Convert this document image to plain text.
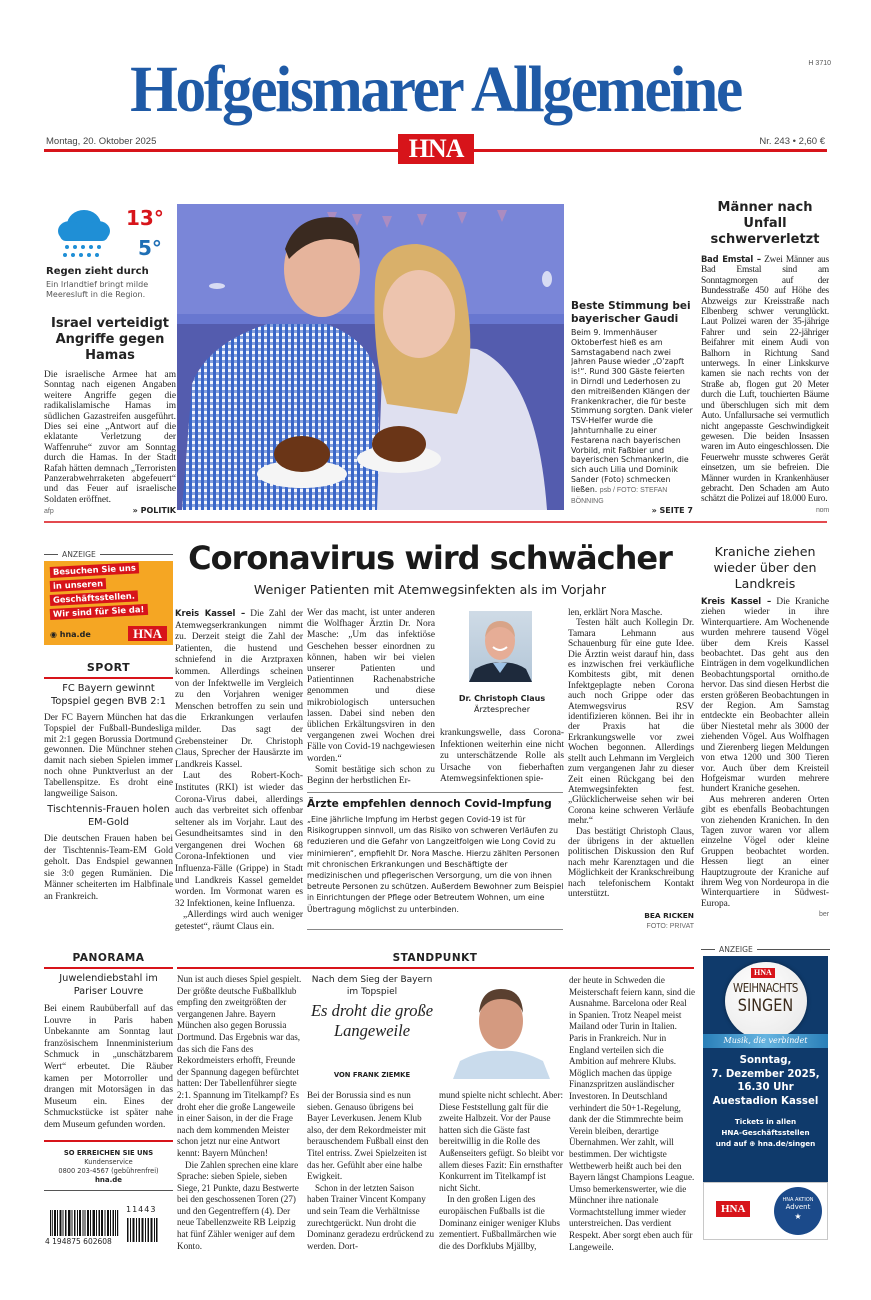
Hofgeismarer Allgemeine	H 3710
Montag, 20. Oktober 2025	Nr. 243 • 2,60 €
HNA
13°
5°
Regen zieht durch
Ein Irlandtief bringt milde Meeresluft in die Region.
Israel verteidigt Angriffe gegen Hamas

Die israelische Armee hat am Sonntag nach eigenen Angaben weitere Angriffe gegen die radikalislamische Hamas im südlichen Gazastreifen ausgeführt. Dies sei eine „Antwort auf die eklatante Verletzung der Waffenruhe“ zuvor am Sonntag durch die Hamas. In der Stadt Rafah hätten demnach „Terroristen Panzerabwehrraketen abgefeuert“ und das Feuer auf israelische Soldaten eröffnet.

afp	» POLITIK
Beste Stimmung bei bayerischer Gaudi

Beim 9. Immenhäuser Oktoberfest hieß es am Samstagabend nach zwei Jahren Pause wieder „O’zapft is!“. Rund 300 Gäste feierten in Dirndl und Lederhosen zu den mitreißenden Klängen der Frankenkracher, die für beste Stimmung sorgten. Dank vieler TSV-Helfer wurde die Jahnturnhalle zu einer Festarena nach bayerischen Vorbild, mit Faßbier und bayerischen Schmankerln, die sich auch Lilia und Dominik Sander (Foto) schmecken ließen. psb / FOTO: STEFAN BÖNNING

» SEITE 7
Männer nach Unfall schwerverletzt

Bad Emstal – Zwei Männer aus Bad Emstal sind am Sonntagmorgen auf der Bundesstraße 450 auf Höhe des Abzweigs zur Kreisstraße nach Elbenberg schwer verunglückt. Laut Polizei waren der 35-jährige Fahrer und sein 22-jähriger Beifahrer mit einem Audi von Balhorn in Richtung Sand unterwegs. In einer Linkskurve kamen sie nach rechts von der Straße ab, flogen gut 20 Meter durch die Luft, touchierten Bäume und überschlugen sich mit dem Auto. Unfallursache sei vermutlich nicht angepasste Geschwindigkeit gewesen. Die beiden Insassen waren im Auto eingeschlossen. Die Feuerwehr musste schweres Gerät einsetzen, um sie befreien. Die Männer wurden in Krankenhäuser gebracht. Den Schaden am Auto schätzt die Polizei auf 18.000 Euro.

nom
ANZEIGE
Besuchen Sie uns
in unseren
Geschäftsstellen.
Wir sind für Sie da!
◉ hna.de	HNA
SPORT
FC Bayern gewinnt Topspiel gegen BVB 2:1

Der FC Bayern München hat das Topspiel der Fußball-Bundesliga mit 2:1 gegen Borussia Dortmund gewonnen. Die Münchner stehen damit nach sieben Spielen immer noch ohne Punktverlust an der Tabellenspitze. Es droht eine langweilige Saison.

Tischtennis-Frauen holen EM-Gold

Die deutschen Frauen haben bei der Tischtennis-Team-EM Gold geholt. Das Endspiel gewannen sie 3:0 gegen Rumänien. Die Männer scheiterten im Halbfinale an Frankreich.

Coronavirus wird schwächer
Weniger Patienten mit Atemwegsinfekten als im Vorjahr

Kreis Kassel – Die Zahl der Atemwegserkrankungen nimmt zu. Derzeit steigt die Zahl der Patienten, die hustend und schniefend in die Arztpraxen kommen. Allerdings scheinen von der Infektwelle im Vergleich zu den Vorjahren weniger Menschen betroffen zu sein und die Erkrankungen verlaufen milder. Das sagt der Grebensteiner Dr. Christoph Claus, Sprecher der Hausärzte im Landkreis Kassel.

Laut des Robert-Koch-Institutes (RKI) ist wieder das Corona-Virus dabei, allerdings auch das verbreitet sich offenbar seltener als im Vorjahr. Laut des Gesundheitsamtes sind in den vergangenen drei Wochen 68 Corona-Infektionen und vier Influenza-Fälle (Grippe) in Stadt und Landkreis Kassel gemeldet worden. Im Vormonat waren es 32 Infektionen, keine Influenza.

„Allerdings wird auch weniger getestet“, räumt Claus ein.

Wer das macht, ist unter anderen die Wolfhager Ärztin Dr. Nora Masche: „Um das infektiöse Geschehen besser einordnen zu können, haben wir bei vielen unserer Patienten und Patientinnen Rachenabstriche genommen und diese mikrobiologisch untersuchen lassen. Dabei sind neben den üblichen Erkältungsviren in den vergangenen zwei Wochen drei Fälle von Covid-19 nachgewiesen worden.“

Somit bestätige sich schon zu Beginn der herbstlichen Er-

Dr. Christoph Claus
Ärztesprecher

krankungswelle, dass Corona-Infektionen weiterhin eine nicht zu unterschätzende Rolle als Ursache von fieberhaften Atemwegsinfektionen spie-

Ärzte empfehlen dennoch Covid-Impfung

„Eine jährliche Impfung im Herbst gegen Covid-19 ist für Risikogruppen sinnvoll, um das Risiko von schweren Verläufen zu reduzieren und die Gefahr von Langzeitfolgen wie Long Covid zu minimieren“, empfiehlt Dr. Nora Masche. Hierzu zählten Personen mit chronischen Erkrankungen und Beschäftigte der medizinischen und pflegerischen Versorgung, um die von ihnen betreute Personen zu schützen. Außerdem Bewohner zum Beispiel in Einrichtungen der Pflege oder Betreutem Wohnen, um eine Übertragung möglichst zu unterbinden.

len, erklärt Nora Masche.

Testen hält auch Kollegin Dr. Tamara Lehmann aus Schauenburg für eine gute Idee. Die Ärztin weist darauf hin, dass es inzwischen frei verkäufliche Kombitests gibt, mit denen Infektgeplagte neben Corona auch noch Grippe oder das Atemwegsvirus RSV identifizieren können. Bei ihr in der Praxis hat die Erkrankungswelle vor zwei Wochen begonnen. Allerdings stellt auch Lehmann im Vergleich zum vergangenen Jahr zu dieser Zeit einen Rückgang bei den Atemwegsinfekten fest. „Glücklicherweise sehen wir bei Corona keine schweren Verläufe mehr.“

Das bestätigt Christoph Claus, der übrigens in der aktuellen politischen Diskussion den Ruf nach mehr Karenztagen und die Möglichkeit der Krankschreibung nach telefonischem Kontakt unterstützt.

BEA RICKEN
FOTO: PRIVAT
Kraniche ziehen wieder über den Landkreis

Kreis Kassel – Die Kraniche ziehen wieder in ihre Winterquartiere. Am Wochenende wurden mehrere tausend Vögel über dem Kreis Kassel beobachtet. Das geht aus den Einträgen in dem vogelkundlichen Beobachtungsportal ornitho.de hervor. Das sind diesen Herbst die ersten größeren Beobachtungen in der Region. Am Samstag entdeckte ein Beobachter allein über Niestetal mehr als 3000 der ziehenden Vögel. Aus Wolfhagen und Zierenberg liegen Meldungen von etwa 1200 und 300 Tieren vor. Auch über dem Kreisteil Hofgeismar wurden mehrere hundert Kraniche gesehen.

Aus mehreren anderen Orten gibt es ebenfalls Beobachtungen von ziehenden Kranichen. In den Tagen zuvor waren vor allem einzelne Vögel oder kleine Gruppen beobachtet worden. Hessen liegt an einer Hauptzugroute der Kraniche auf ihrem Weg von Nordeuropa in die Winterquartiere in Südwest-Europa.

ber
PANORAMA
Juwelendiebstahl im Pariser Louvre

Bei einem Raubüberfall auf das Louvre in Paris haben Unbekannte am Sonntag laut französischem Innenministerium Schmuck in „unschätzbarem Wert“ erbeutet. Die Räuber kamen per Motorroller und drangen mit Motorsägen in das Museum ein. Eines der Schmuckstücke ist später nahe dem Museum gefunden worden.

SO ERREICHEN SIE UNS
Kundenservice
0800 203-4567 (gebührenfrei)
hna.de
4 194875 602608
11443
STANDPUNKT

Nun ist auch dieses Spiel gespielt. Der größte deutsche Fußballklub empfing den zweitgrößten der vergangenen Jahre. Bayern München also gegen Borussia Dortmund. Das Ergebnis war das, das sich die Fans des Rekordmeisters erhofft, Freunde der Spannung dagegen befürchtet hatten: Der Tabellenführer siegte 2:1. Spannung im Titelkampf? Es droht eher die große Langeweile in einer Saison, in der die Frage nach dem kommenden Meister schon jetzt nur eine Antwort kennt: Bayern München!

Die Zahlen sprechen eine klare Sprache: sieben Spiele, sieben Siege, 21 Punkte, dazu Bestwerte bei den geschossenen Toren (27) und den Gegentreffern (4). Der neue Tabellenzweite RB Leipzig hat fünf Zähler weniger auf dem Konto.

Nach dem Sieg der Bayern im Topspiel
Es droht die große Langeweile
VON FRANK ZIEMKE

Bei der Borussia sind es nun sieben. Genauso übrigens bei Bayer Leverkusen. Jenem Klub also, der dem Rekordmeister mit berauschendem Fußball einst den Titel entriss. Zwei Spielzeiten ist das her. Gefühlt aber eine halbe Ewigkeit.

Schon in der letzten Saison haben Trainer Vincent Kompany und sein Team die Verhältnisse zurechtgerückt. Nun droht die Dominanz geradezu erdrückend zu werden. Dort-

mund spielte nicht schlecht. Aber: Diese Feststellung galt für die zweite Halbzeit. Vor der Pause hatten sich die Gäste fast bereitwillig in die Rolle des Außenseiters gefügt. So bleibt vor allem dieses Fazit: Ein ernsthafter Konkurrent im Titelkampf ist nicht Sicht.

In den großen Ligen des europäischen Fußballs ist die Dominanz einiger weniger Klubs zementiert. Fußballmärchen wie die des Dorfklubs Mjällby,

der heute in Schweden die Meisterschaft feiern kann, sind die Ausnahme. Barcelona oder Real in Spanien. Trotz Neapel meist Mailand oder Turin in Italien. Paris in Frankreich. Nur in England verteilen sich die Ambition auf mehrere Klubs. Möglich machen das üppige Finanzspritzen ausländischer Investoren. In Deutschland verhindert die 50+1-Regelung, dank der die Stimmrechte beim Verein bleiben, derartige Übernahmen. Wer zahlt, will bestimmen. Der wichtigste Wettbewerb heißt auch bei den Bayern längst Champions League. Umso bemerkenswerter, wie die Münchner ihre nationale Vormachtstellung immer wieder unterstreichen. Das verdient Respekt. Aber sorgt eben auch für Langeweile.

ANZEIGE
HNA
WEIHNACHTS
SINGEN
Musik, die verbindet
Sonntag,
7. Dezember 2025,
16.30 Uhr
Auestadion Kassel
Tickets in allen
HNA-Geschäftsstellen
und auf ⊕ hna.de/singen
HNA
HNA AKTION
Advent
★
